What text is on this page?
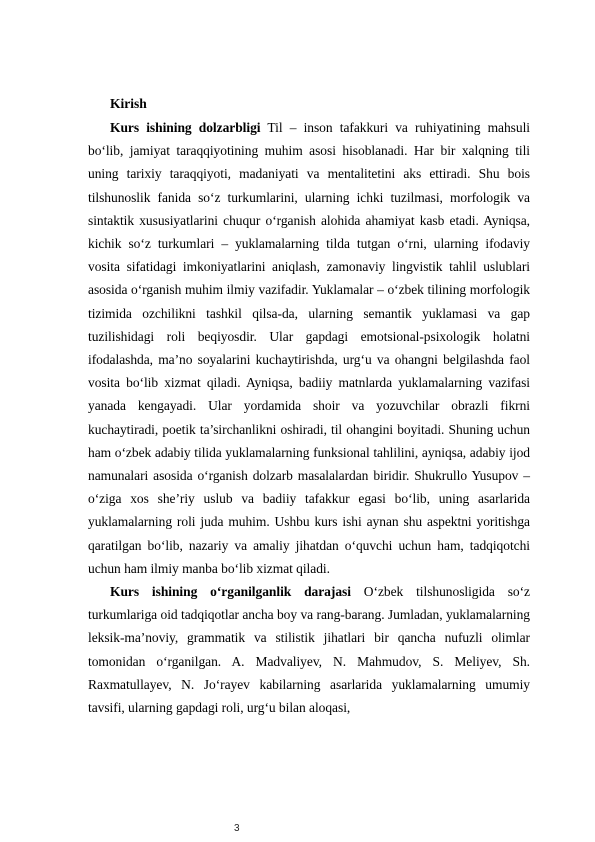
Kirish

Kurs ishining dolzarbligi Til – inson tafakkuri va ruhiyatining mahsuli bo‘lib, jamiyat taraqqiyotining muhim asosi hisoblanadi. Har bir xalqning tili uning tarixiy taraqqiyoti, madaniyati va mentalitetini aks ettiradi. Shu bois tilshunoslik fanida so‘z turkumlarini, ularning ichki tuzilmasi, morfologik va sintaktik xususiyatlarini chuqur o‘rganish alohida ahamiyat kasb etadi. Ayniqsa, kichik so‘z turkumlari – yuklamalarning tilda tutgan o‘rni, ularning ifodaviy vosita sifatidagi imkoniyatlarini aniqlash, zamonaviy lingvistik tahlil uslublari asosida o‘rganish muhim ilmiy vazifadir. Yuklamalar – o‘zbek tilining morfologik tizimida ozchilikni tashkil qilsa-da, ularning semantik yuklamasi va gap tuzilishidagi roli beqiyosdir. Ular gapdagi emotsional-psixologik holatni ifodalashda, ma’no soyalarini kuchaytirishda, urg‘u va ohangni belgilashda faol vosita bo‘lib xizmat qiladi. Ayniqsa, badiiy matnlarda yuklamalarning vazifasi yanada kengayadi. Ular yordamida shoir va yozuvchilar obrazli fikrni kuchaytiradi, poetik ta’sirchanlikni oshiradi, til ohangini boyitadi. Shuning uchun ham o‘zbek adabiy tilida yuklamalarning funksional tahlilini, ayniqsa, adabiy ijod namunalari asosida o‘rganish dolzarb masalalardan biridir. Shukrullo Yusupov – o‘ziga xos she’riy uslub va badiiy tafakkur egasi bo‘lib, uning asarlarida yuklamalarning roli juda muhim. Ushbu kurs ishi aynan shu aspektni yoritishga qaratilgan bo‘lib, nazariy va amaliy jihatdan o‘quvchi uchun ham, tadqiqotchi uchun ham ilmiy manba bo‘lib xizmat qiladi.

Kurs ishining o‘rganilganlik darajasi O‘zbek tilshunosligida so‘z turkumlariga oid tadqiqotlar ancha boy va rang-barang. Jumladan, yuklamalarning leksik-ma’noviy, grammatik va stilistik jihatlari bir qancha nufuzli olimlar tomonidan o‘rganilgan. A. Madvaliyev, N. Mahmudov, S. Meliyev, Sh. Raxmatullayev, N. Jo‘rayev kabilarning asarlarida yuklamalarning umumiy tavsifi, ularning gapdagi roli, urg‘u bilan aloqasi,

3
